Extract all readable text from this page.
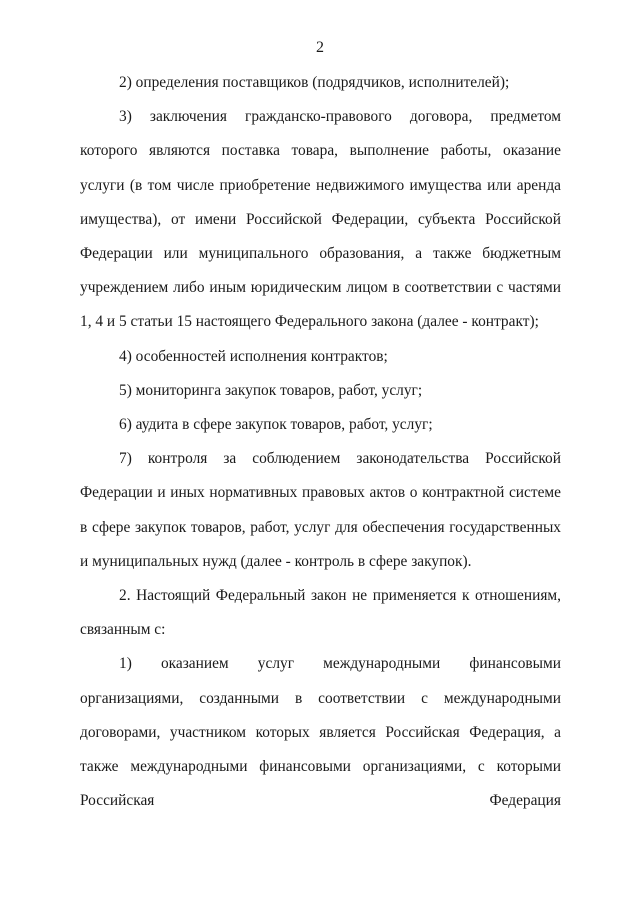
2

2) определения поставщиков (подрядчиков, исполнителей);

3) заключения гражданско-правового договора, предметом которого являются поставка товара, выполнение работы, оказание услуги (в том числе приобретение недвижимого имущества или аренда имущества), от имени Российской Федерации, субъекта Российской Федерации или муниципального образования, а также бюджетным учреждением либо иным юридическим лицом в соответствии с частями 1, 4 и 5 статьи 15 настоящего Федерального закона (далее - контракт);

4) особенностей исполнения контрактов;

5) мониторинга закупок товаров, работ, услуг;

6) аудита в сфере закупок товаров, работ, услуг;

7) контроля за соблюдением законодательства Российской Федерации и иных нормативных правовых актов о контрактной системе в сфере закупок товаров, работ, услуг для обеспечения государственных и муниципальных нужд (далее - контроль в сфере закупок).

2. Настоящий Федеральный закон не применяется к отношениям, связанным с:

1) оказанием услуг международными финансовыми организациями, созданными в соответствии с международными договорами, участником которых является Российская Федерация, а также международными финансовыми организациями, с которыми Российская Федерация
